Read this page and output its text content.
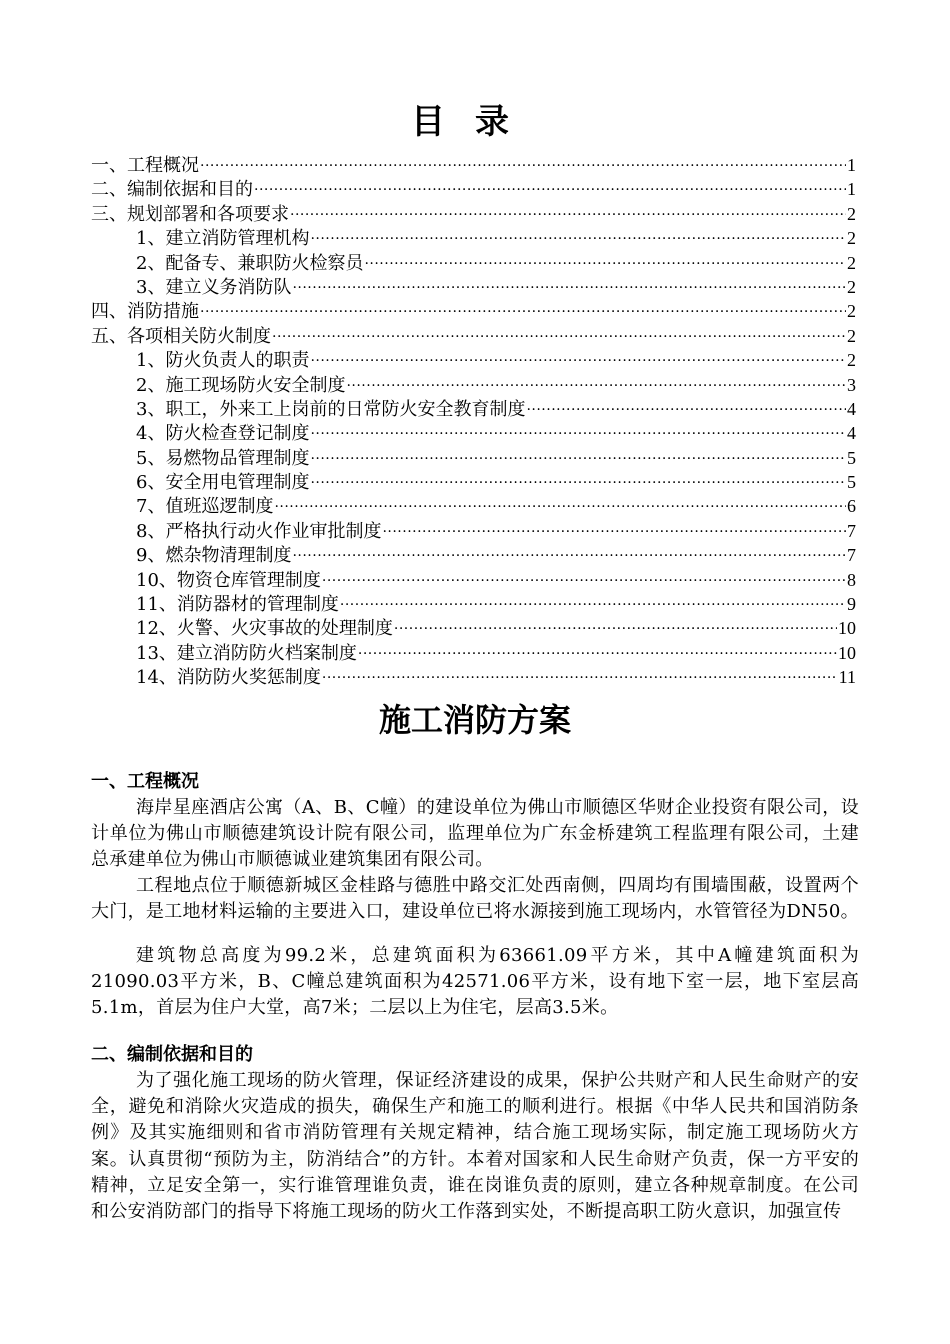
目录
一、工程概况 .....	1
二、编制依据和目的 .....	1
三、规划部署和各项要求 .....	2
1、建立消防管理机构 .....	2
2、配备专、兼职防火检察员 .....	2
3、建立义务消防队 .....	2
四、消防措施 .....	2
五、各项相关防火制度 .....	2
1、防火负责人的职责 .....	2
2、施工现场防火安全制度 .....	3
3、职工，外来工上岗前的日常防火安全教育制度 .....	4
4、防火检查登记制度 .....	4
5、易燃物品管理制度 .....	5
6、安全用电管理制度 .....	5
7、值班巡逻制度 .....	6
8、严格执行动火作业审批制度 .....	7
9、燃杂物清理制度 .....	7
10、物资仓库管理制度 .....	8
11、消防器材的管理制度 .....	9
12、火警、火灾事故的处理制度 .....	10
13、建立消防防火档案制度 .....	10
14、消防防火奖惩制度 .....	11
施工消防方案
一、工程概况

海岸星座酒店公寓（A、B、C幢）的建设单位为佛山市顺德区华财企业投资有限公司，设计单位为佛山市顺德建筑设计院有限公司，监理单位为广东金桥建筑工程监理有限公司，土建总承建单位为佛山市顺德诚业建筑集团有限公司。

工程地点位于顺德新城区金桂路与德胜中路交汇处西南侧，四周均有围墙围蔽，设置两个大门，是工地材料运输的主要进入口，建设单位已将水源接到施工现场内，水管管径为DN50。

建筑物总高度为99.2米，总建筑面积为63661.09平方米，其中A幢建筑面积为21090.03平方米，B、C幢总建筑面积为42571.06平方米，设有地下室一层，地下室层高5.1m，首层为住户大堂，高7米；二层以上为住宅，层高3.5米。

二、编制依据和目的

为了强化施工现场的防火管理，保证经济建设的成果，保护公共财产和人民生命财产的安全，避免和消除火灾造成的损失，确保生产和施工的顺利进行。根据《中华人民共和国消防条例》及其实施细则和省市消防管理有关规定精神，结合施工现场实际，制定施工现场防火方案。认真贯彻“预防为主，防消结合”的方针。本着对国家和人民生命财产负责，保一方平安的精神，立足安全第一，实行谁管理谁负责，谁在岗谁负责的原则，建立各种规章制度。在公司和公安消防部门的指导下将施工现场的防火工作落到实处，不断提高职工防火意识，加强宣传
